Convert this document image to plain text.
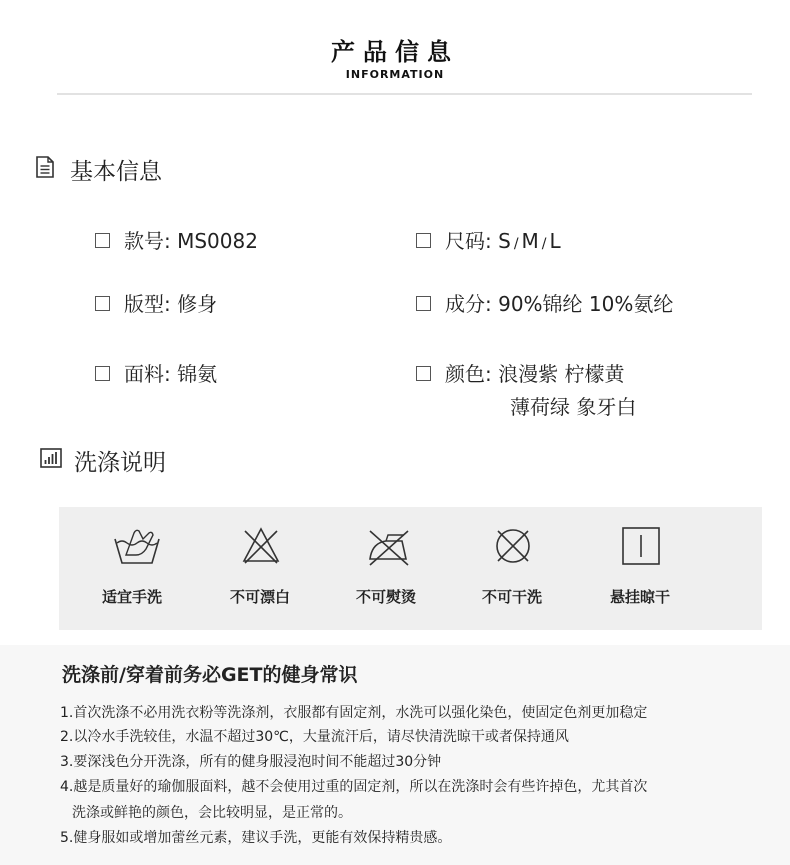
产品信息
INFORMATION
基本信息
款号: MS0082	尺码: S / M / L
版型: 修身	成分: 90%锦纶 10%氨纶
面料: 锦氨	颜色: 浪漫紫 柠檬黄
薄荷绿 象牙白
洗涤说明
适宜手洗	不可漂白	不可熨烫	不可干洗	悬挂晾干
洗涤前/穿着前务必GET的健身常识
1.首次洗涤不必用洗衣粉等洗涤剂，衣服都有固定剂，水洗可以强化染色，使固定色剂更加稳定
2.以冷水手洗较佳，水温不超过30℃，大量流汗后，请尽快清洗晾干或者保持通风
3.要深浅色分开洗涤，所有的健身服浸泡时间不能超过30分钟
4.越是质量好的瑜伽服面料，越不会使用过重的固定剂，所以在洗涤时会有些许掉色，尤其首次
洗涤或鲜艳的颜色，会比较明显，是正常的。
5.健身服如或增加蕾丝元素，建议手洗，更能有效保持精贵感。
